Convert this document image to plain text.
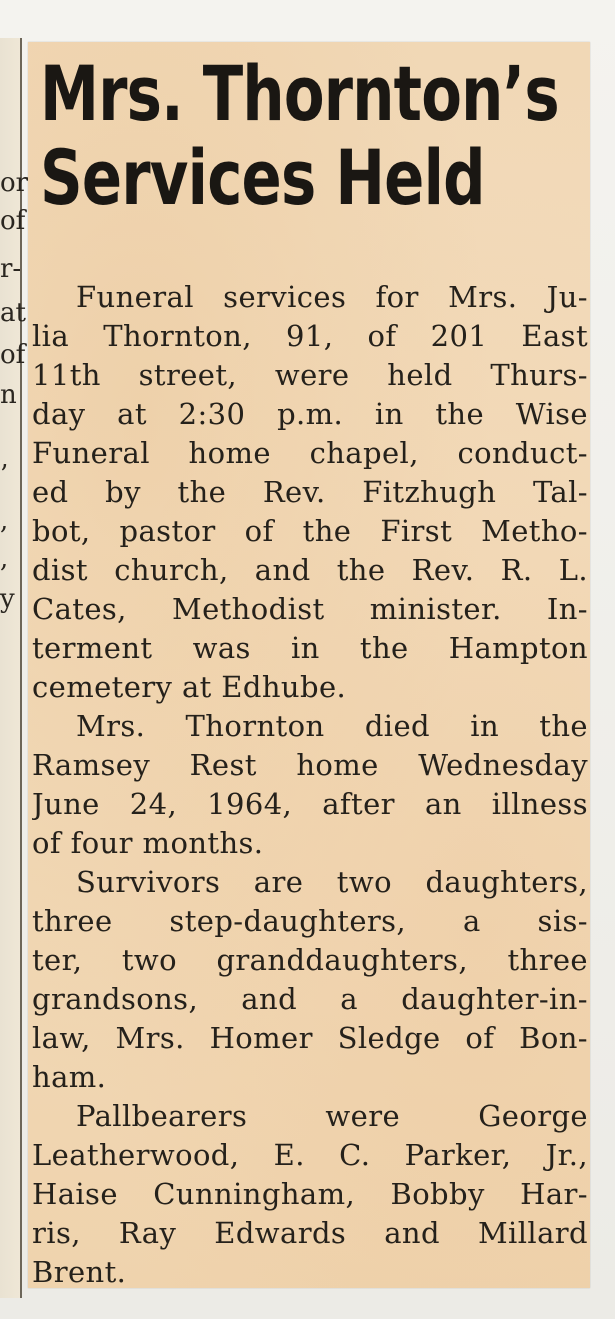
or
of
r-
at
of
n
’
,
,
y
Mrs. Thornton’s
Services Held
Funeral services for Mrs. Ju-
lia Thornton, 91, of 201 East
11th street, were held Thurs-
day at 2:30 p.m. in the Wise
Funeral home chapel, conduct-
ed by the Rev. Fitzhugh Tal-
bot, pastor of the First Metho-
dist church, and the Rev. R. L.
Cates, Methodist minister. In-
terment was in the Hampton
cemetery at Edhube.
Mrs. Thornton died in the
Ramsey Rest home Wednesday
June 24, 1964, after an illness
of four months.
Survivors are two daughters,
three step-daughters, a sis-
ter, two granddaughters, three
grandsons, and a daughter-in-
law, Mrs. Homer Sledge of Bon-
ham.
Pallbearers were George
Leatherwood, E. C. Parker, Jr.,
Haise Cunningham, Bobby Har-
ris, Ray Edwards and Millard
Brent.
